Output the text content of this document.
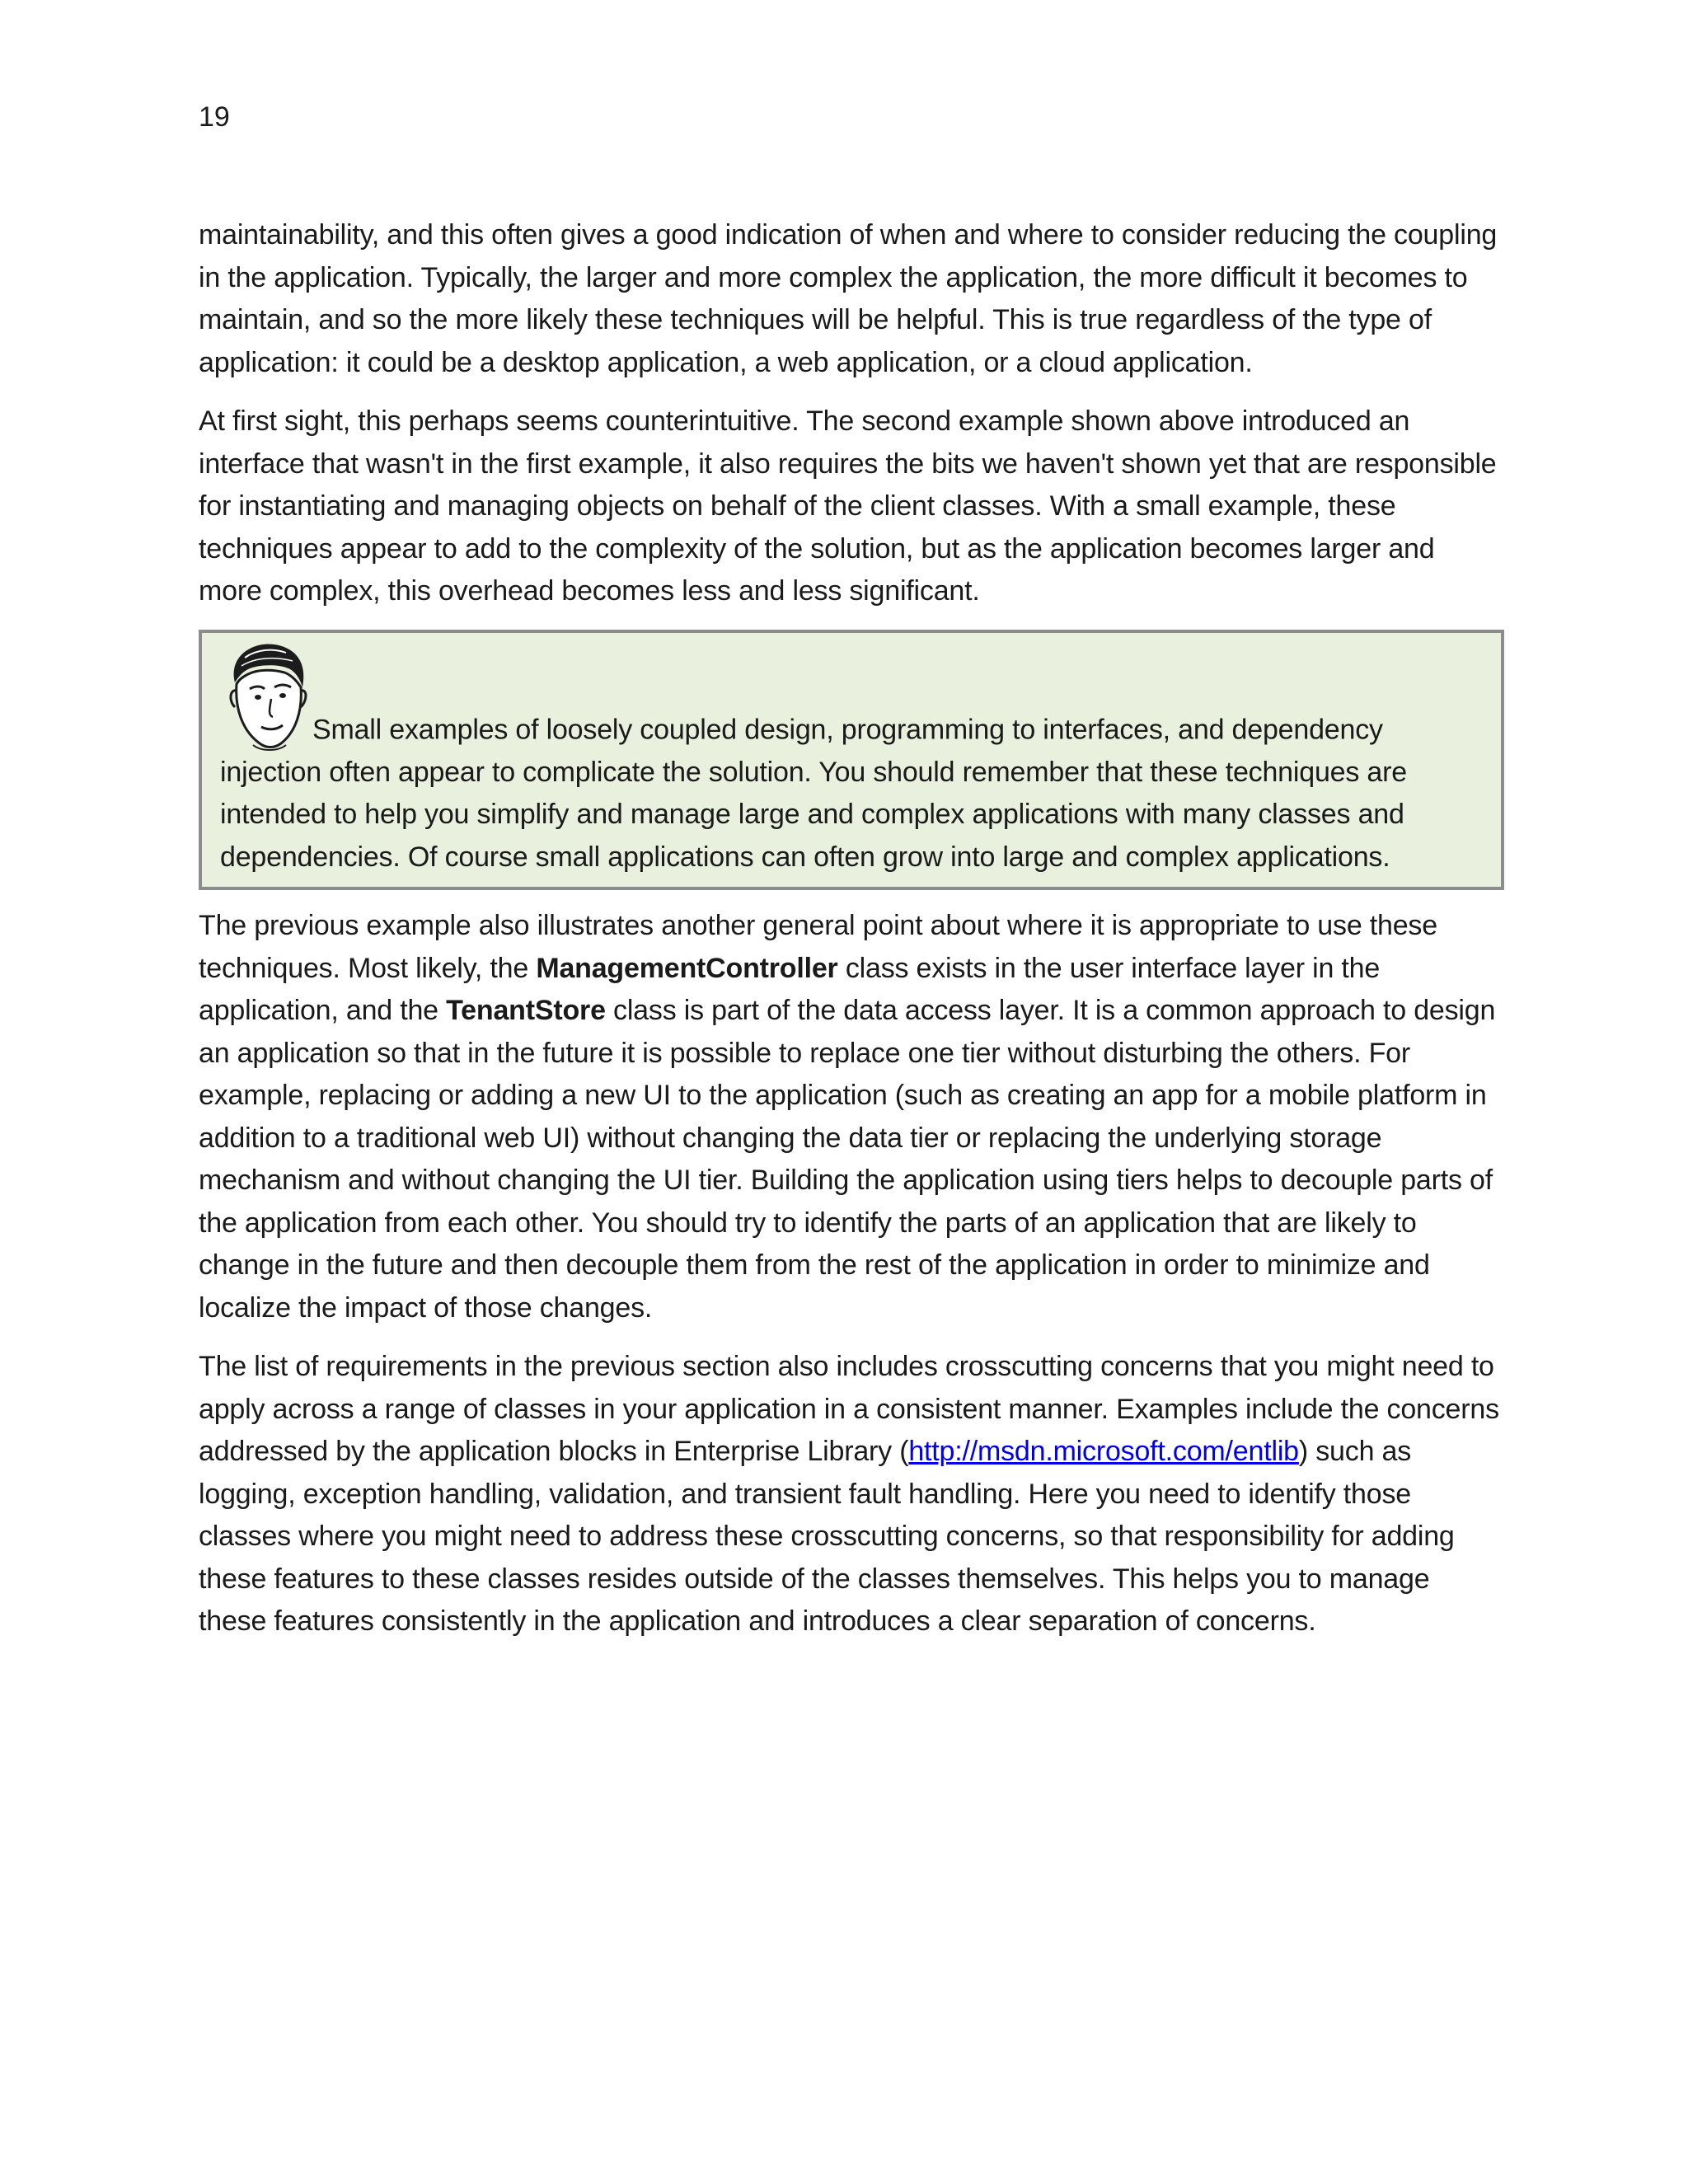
19

maintainability, and this often gives a good indication of when and where to consider reducing the coupling in the application. Typically, the larger and more complex the application, the more difficult it becomes to maintain, and so the more likely these techniques will be helpful. This is true regardless of the type of application: it could be a desktop application, a web application, or a cloud application.

At first sight, this perhaps seems counterintuitive. The second example shown above introduced an interface that wasn't in the first example, it also requires the bits we haven't shown yet that are responsible for instantiating and managing objects on behalf of the client classes. With a small example, these techniques appear to add to the complexity of the solution, but as the application becomes larger and more complex, this overhead becomes less and less significant.

Small examples of loosely coupled design, programming to interfaces, and dependency injection often appear to complicate the solution. You should remember that these techniques are intended to help you simplify and manage large and complex applications with many classes and dependencies. Of course small applications can often grow into large and complex applications.

The previous example also illustrates another general point about where it is appropriate to use these techniques. Most likely, the ManagementController class exists in the user interface layer in the application, and the TenantStore class is part of the data access layer. It is a common approach to design an application so that in the future it is possible to replace one tier without disturbing the others. For example, replacing or adding a new UI to the application (such as creating an app for a mobile platform in addition to a traditional web UI) without changing the data tier or replacing the underlying storage mechanism and without changing the UI tier. Building the application using tiers helps to decouple parts of the application from each other. You should try to identify the parts of an application that are likely to change in the future and then decouple them from the rest of the application in order to minimize and localize the impact of those changes.

The list of requirements in the previous section also includes crosscutting concerns that you might need to apply across a range of classes in your application in a consistent manner. Examples include the concerns addressed by the application blocks in Enterprise Library (http://msdn.microsoft.com/entlib) such as logging, exception handling, validation, and transient fault handling. Here you need to identify those classes where you might need to address these crosscutting concerns, so that responsibility for adding these features to these classes resides outside of the classes themselves. This helps you to manage these features consistently in the application and introduces a clear separation of concerns.
